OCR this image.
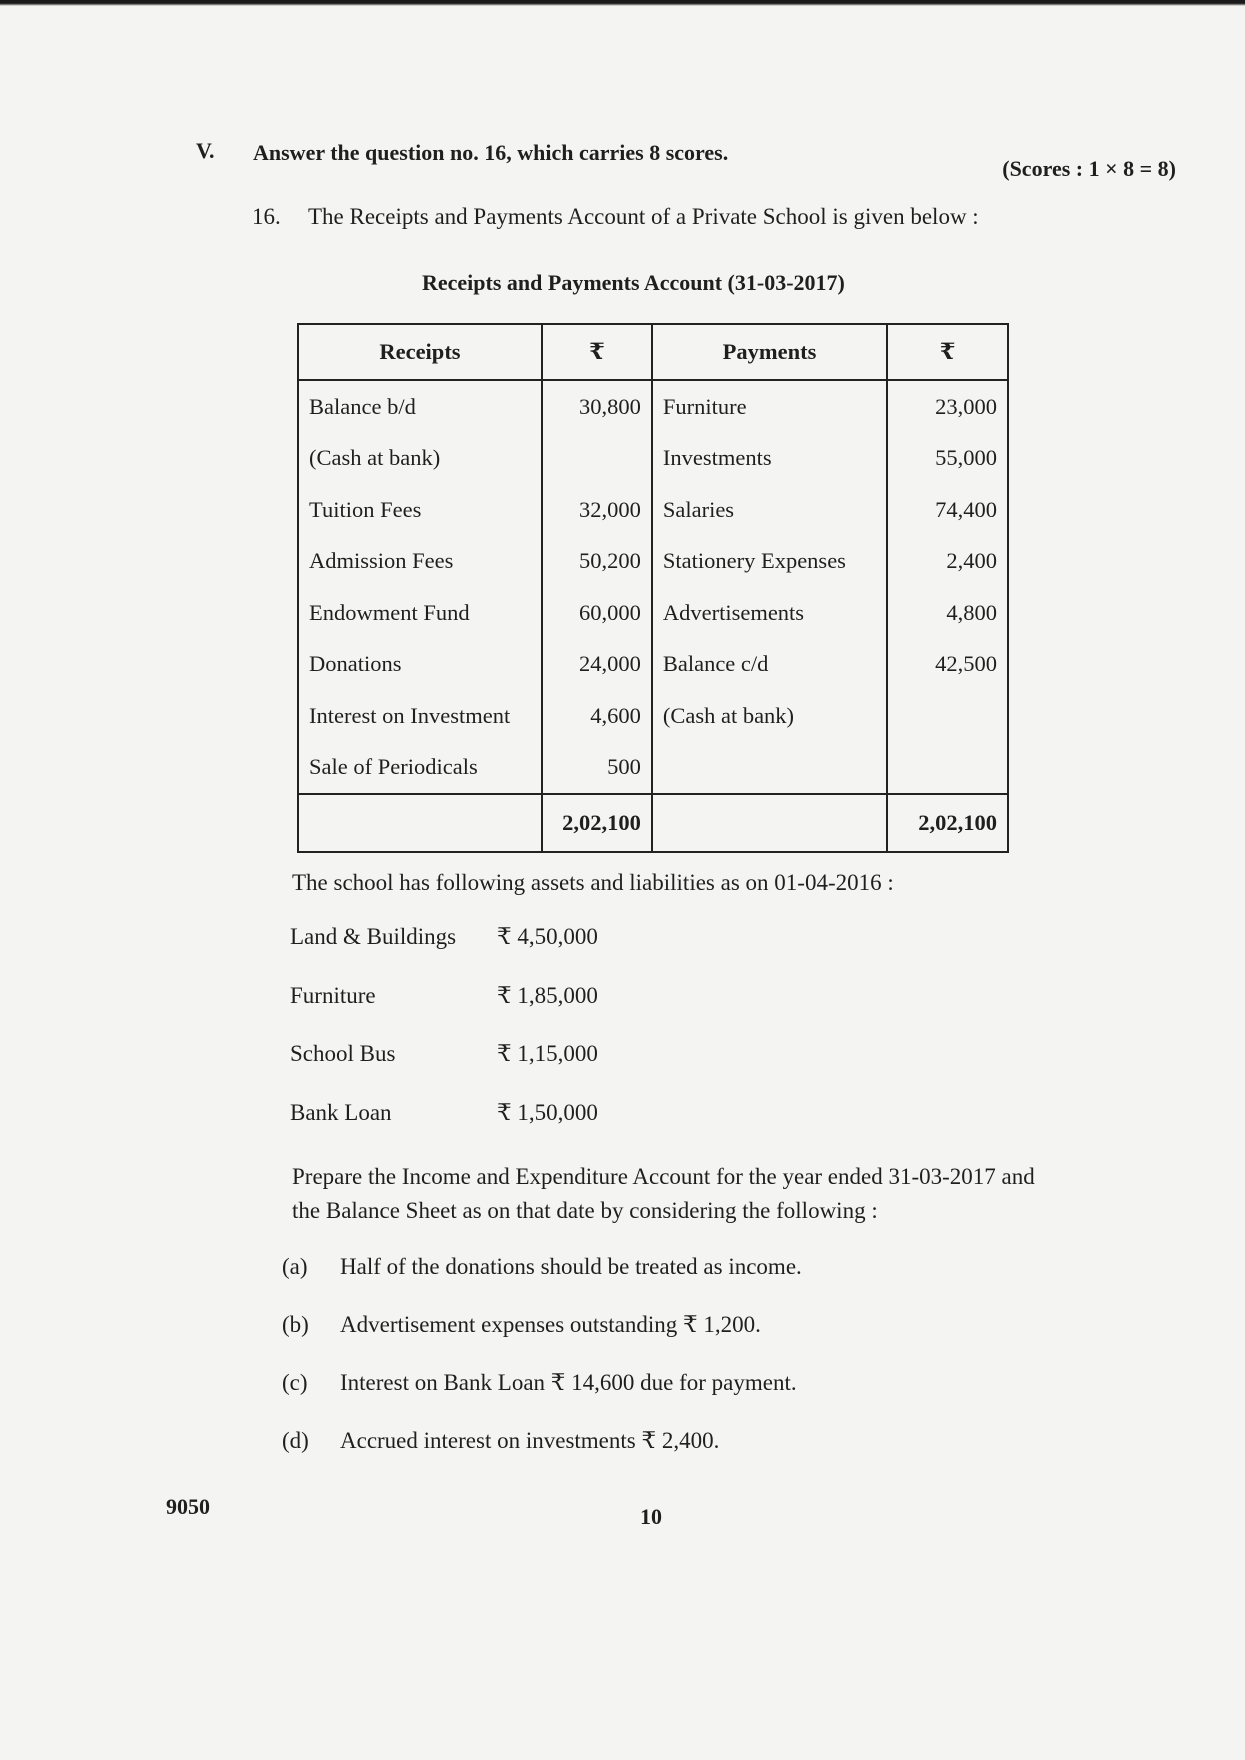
V. Answer the question no. 16, which carries 8 scores.
(Scores : 1 × 8 = 8)
16. The Receipts and Payments Account of a Private School is given below :
Receipts and Payments Account (31-03-2017)
Receipts	₹	Payments	₹
Balance b/d	30,800	Furniture	23,000
(Cash at bank)		Investments	55,000
Tuition Fees	32,000	Salaries	74,400
Admission Fees	50,200	Stationery Expenses	2,400
Endowment Fund	60,000	Advertisements	4,800
Donations	24,000	Balance c/d	42,500
Interest on Investment	4,600	(Cash at bank)	
Sale of Periodicals	500		
	2,02,100		2,02,100
The school has following assets and liabilities as on 01-04-2016 :
Land & Buildings	₹ 4,50,000
Furniture	₹ 1,85,000
School Bus	₹ 1,15,000
Bank Loan	₹ 1,50,000
Prepare the Income and Expenditure Account for the year ended 31-03-2017 and
the Balance Sheet as on that date by considering the following :
(a) Half of the donations should be treated as income.
(b) Advertisement expenses outstanding ₹ 1,200.
(c) Interest on Bank Loan ₹ 14,600 due for payment.
(d) Accrued interest on investments ₹ 2,400.
9050	10
